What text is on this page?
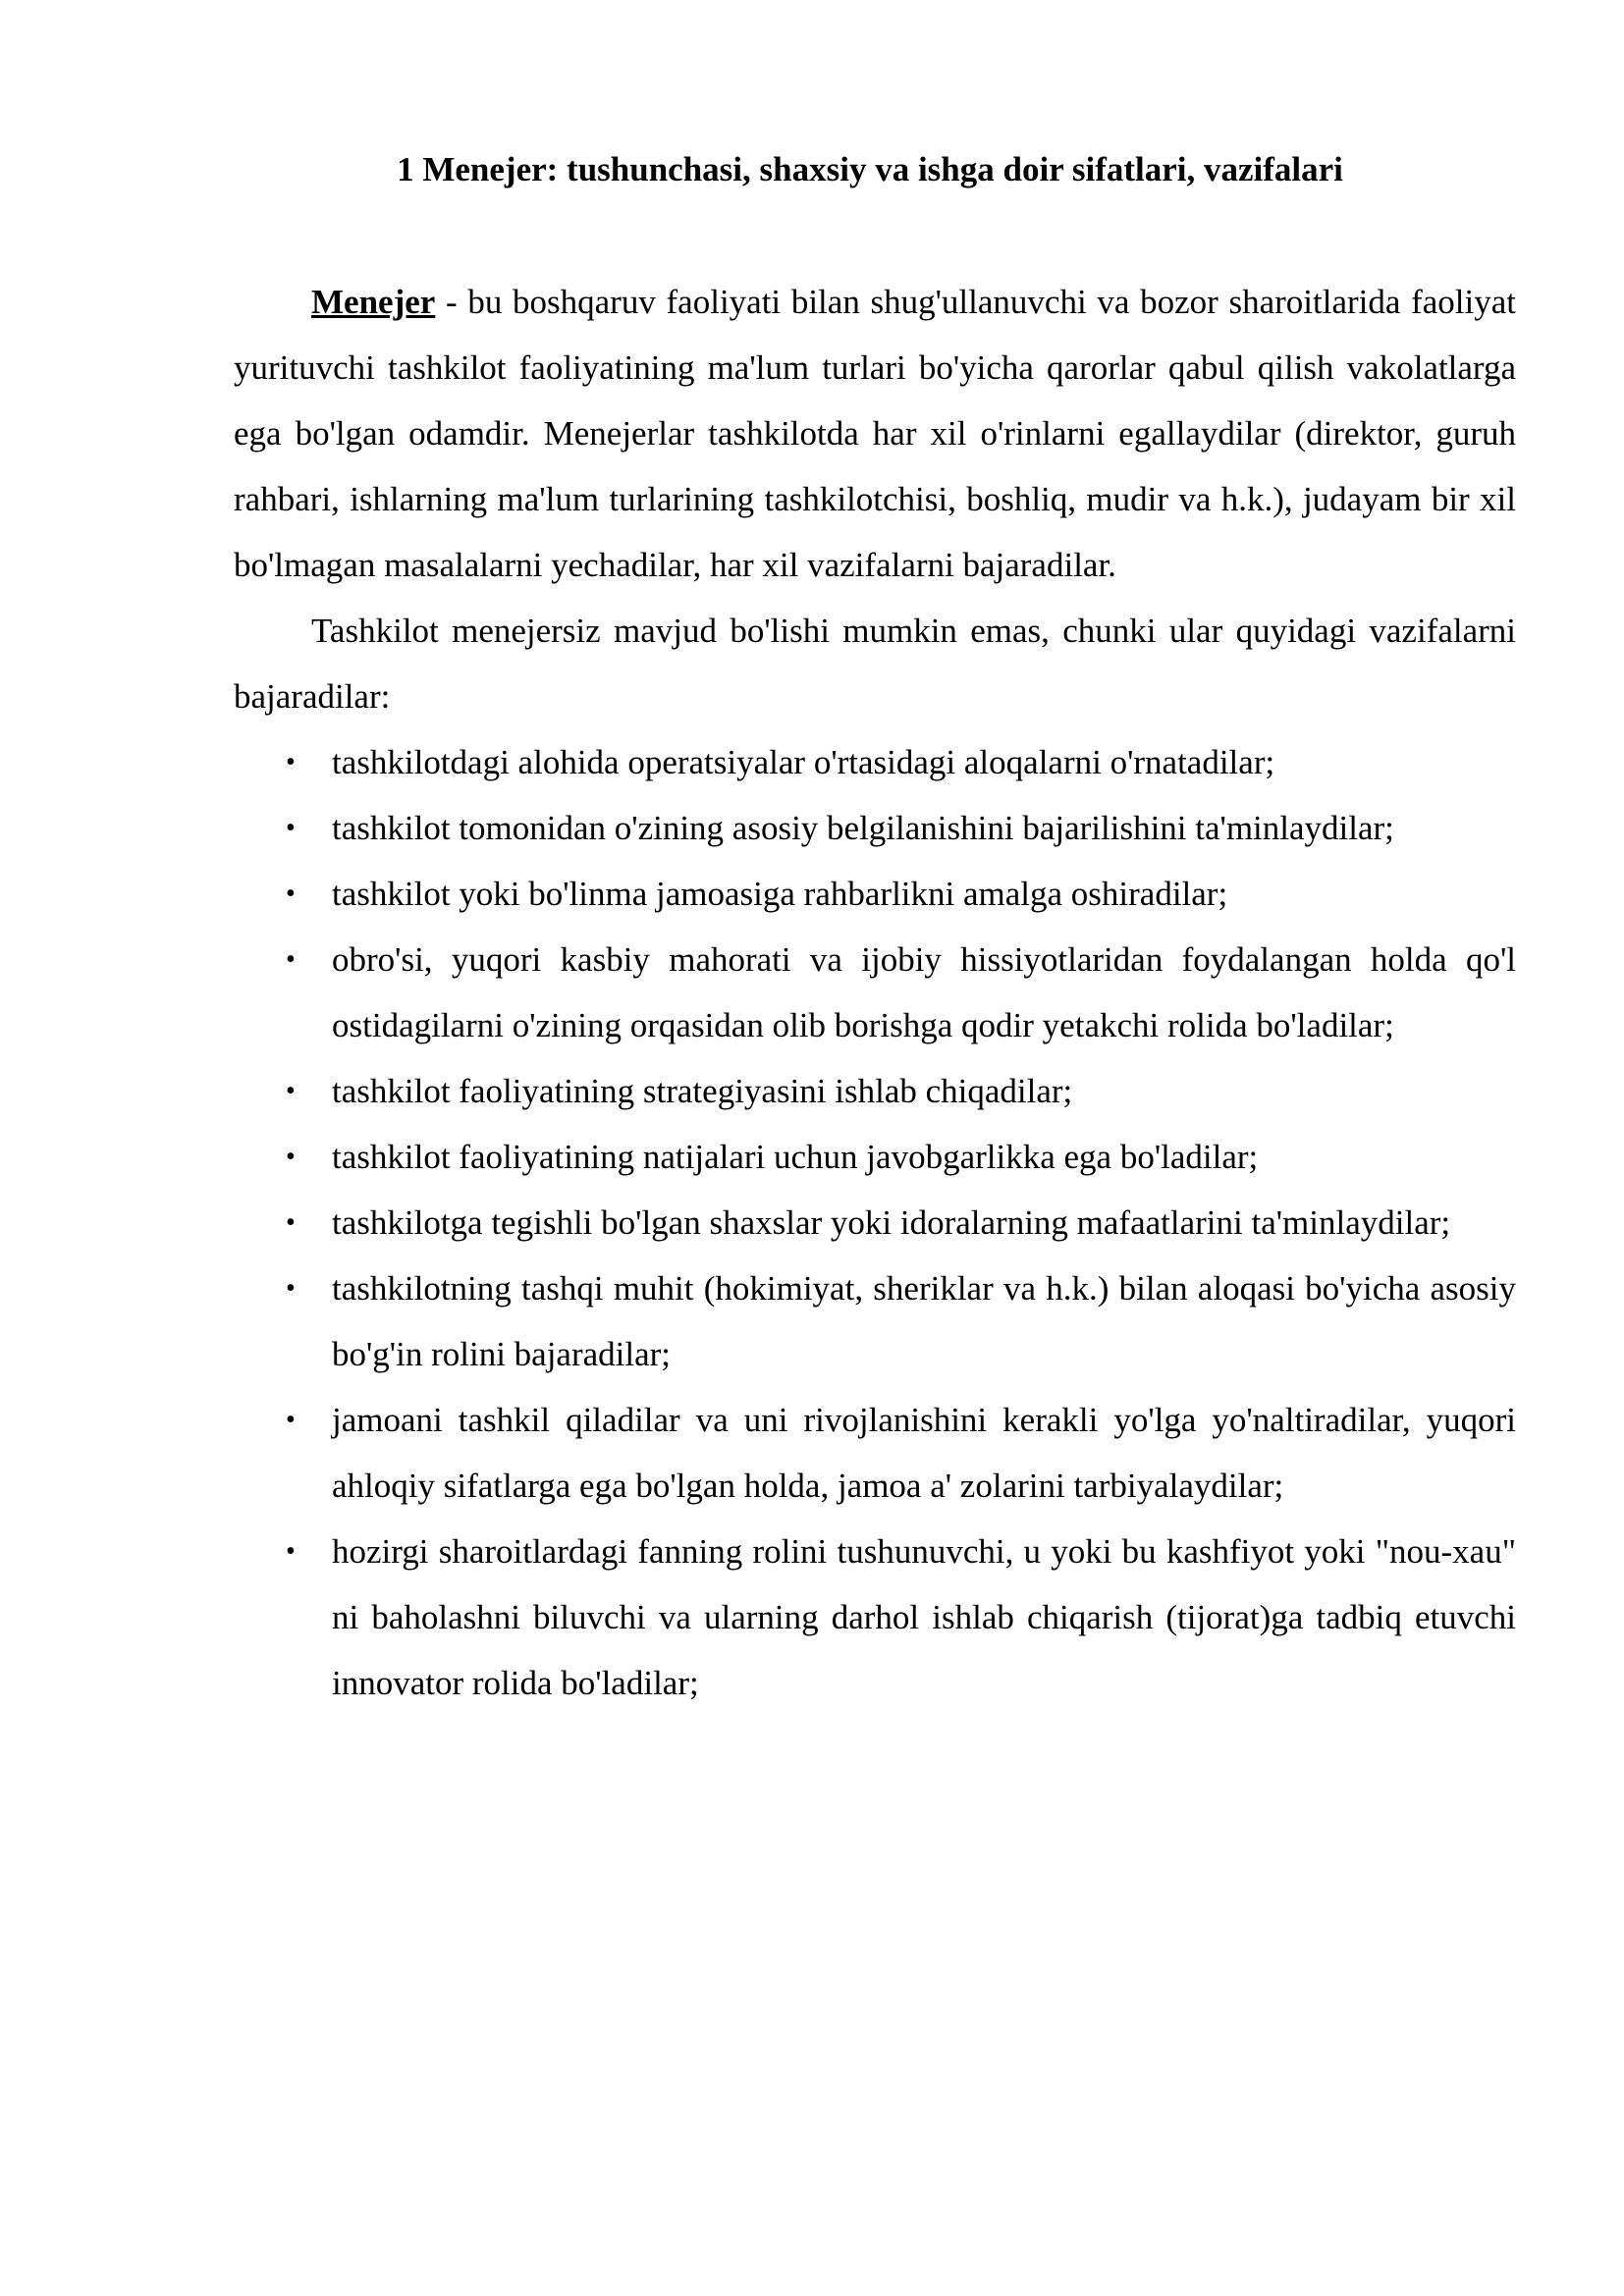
1 Menejer: tushunchasi, shaxsiy va ishga doir sifatlari, vazifalari

Menejer - bu boshqaruv faoliyati bilan shug'ullanuvchi va bozor sharoitlarida faoliyat yurituvchi tashkilot faoliyatining ma'lum turlari bo'yicha qarorlar qabul qilish vakolatlarga ega bo'lgan odamdir. Menejerlar tashkilotda har xil o'rinlarni egallaydilar (direktor, guruh rahbari, ishlarning ma'lum turlarining tashkilotchisi, boshliq, mudir va h.k.), judayam bir xil bo'lmagan masalalarni yechadilar, har xil vazifalarni bajaradilar.

Tashkilot menejersiz mavjud bo'lishi mumkin emas, chunki ular quyidagi vazifalarni bajaradilar:

• tashkilotdagi alohida operatsiyalar o'rtasidagi aloqalarni o'rnatadilar;
• tashkilot tomonidan o'zining asosiy belgilanishini bajarilishini ta'minlaydilar;
• tashkilot yoki bo'linma jamoasiga rahbarlikni amalga oshiradilar;
• obro'si, yuqori kasbiy mahorati va ijobiy hissiyotlaridan foydalangan holda qo'l ostidagilarni o'zining orqasidan olib borishga qodir yetakchi rolida bo'ladilar;
• tashkilot faoliyatining strategiyasini ishlab chiqadilar;
• tashkilot faoliyatining natijalari uchun javobgarlikka ega bo'ladilar;
• tashkilotga tegishli bo'lgan shaxslar yoki idoralarning mafaatlarini ta'minlaydilar;
• tashkilotning tashqi muhit (hokimiyat, sheriklar va h.k.) bilan aloqasi bo'yicha asosiy bo'g'in rolini bajaradilar;
• jamoani tashkil qiladilar va uni rivojlanishini kerakli yo'lga yo'naltiradilar, yuqori ahloqiy sifatlarga ega bo'lgan holda, jamoa a' zolarini tarbiyalaydilar;
• hozirgi sharoitlardagi fanning rolini tushunuvchi, u yoki bu kashfiyot yoki "nou-xau" ni baholashni biluvchi va ularning darhol ishlab chiqarish (tijorat)ga tadbiq etuvchi innovator rolida bo'ladilar;
